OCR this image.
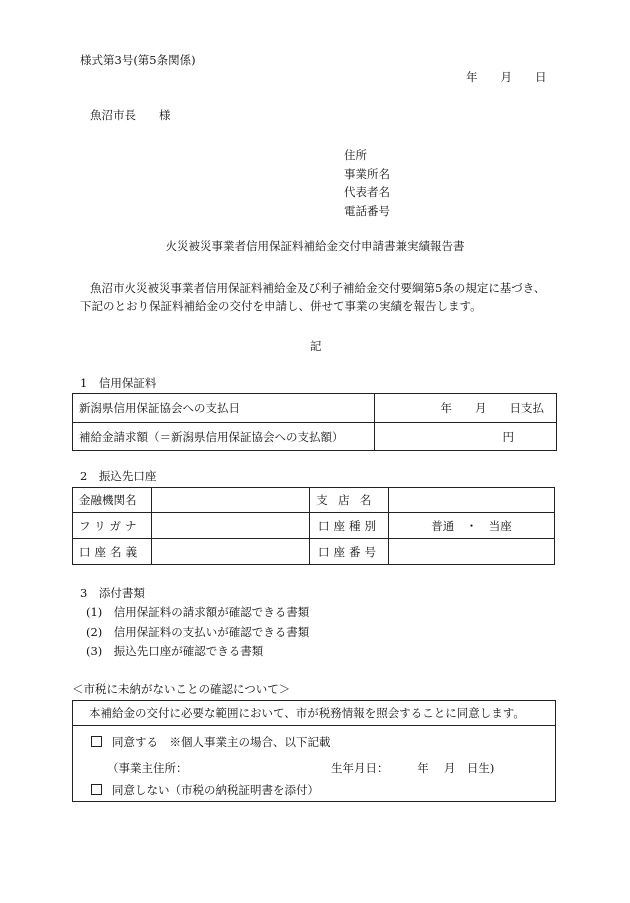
様式第3号(第5条関係)
年　　月　　日
魚沼市長　　様
住所
事業所名
代表者名
電話番号
火災被災事業者信用保証料補給金交付申請書兼実績報告書
魚沼市火災被災事業者信用保証料補給金及び利子補給金交付要綱第5条の規定に基づき、
下記のとおり保証料補給金の交付を申請し、併せて事業の実績を報告します。
記
1　信用保証料
新潟県信用保証協会への支払日	年　　月　　日支払
補給金請求額（＝新潟県信用保証協会への支払額）	円
2　振込先口座
金融機関名		支店名	
フリガナ		口座種別	普通　・　当座
口座名義		口座番号	
3　添付書類
(1)　信用保証料の請求額が確認できる書類
(2)　信用保証料の支払いが確認できる書類
(3)　振込先口座が確認できる書類
＜市税に未納がないことの確認について＞
本補給金の交付に必要な範囲において、市が税務情報を照会することに同意します。
同意する　※個人事業主の場合、以下記載
（事業主住所：	生年月日：　　　年　 月　日生)
同意しない（市税の納税証明書を添付）
